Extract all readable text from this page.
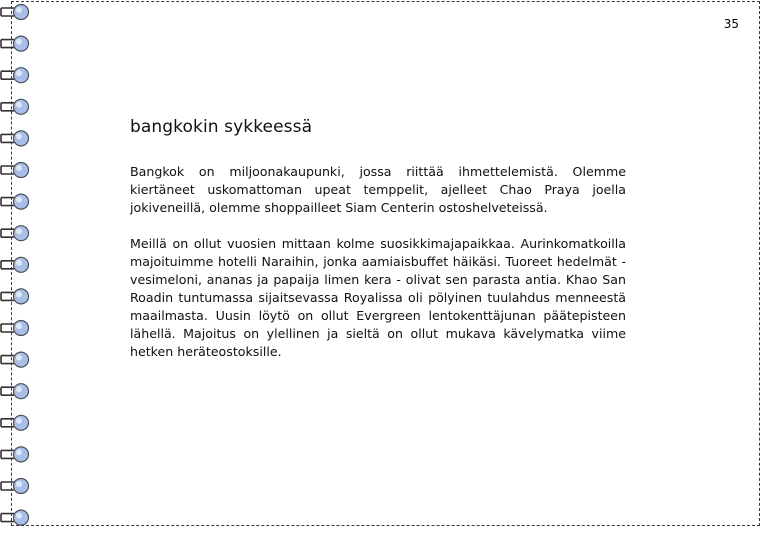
35
bangkokin sykkeessä

Bangkok on miljoonakaupunki, jossa riittää ihmettelemistä. Olemme kiertäneet uskomattoman upeat temppelit, ajelleet Chao Praya joella jokiveneillä, olemme shoppailleet Siam Centerin ostoshelveteissä.

Meillä on ollut vuosien mittaan kolme suosikkimajapaikkaa. Aurinkomatkoilla majoituimme hotelli Naraihin, jonka aamiaisbuffet häikäsi. Tuoreet hedelmät - vesimeloni, ananas ja papaija limen kera - olivat sen parasta antia. Khao San Roadin tuntumassa sijaitsevassa Royalissa oli pölyinen tuulahdus menneestä maailmasta. Uusin löytö on ollut Evergreen lentokenttäjunan päätepisteen lähellä. Majoitus on ylellinen ja sieltä on ollut mukava kävelymatka viime hetken heräteostoksille.
